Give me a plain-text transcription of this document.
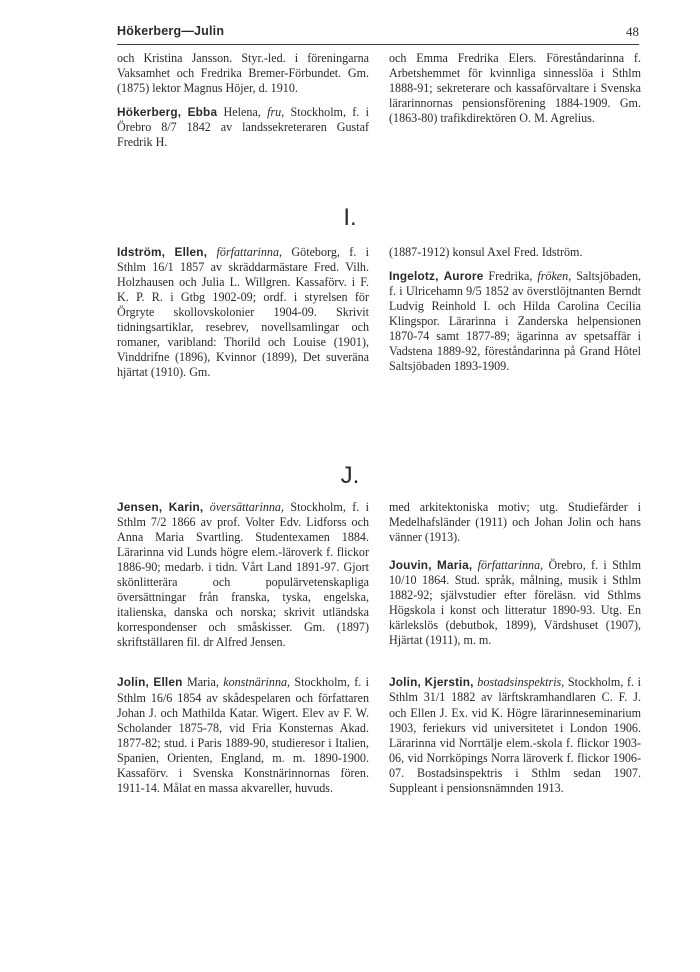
Hökerberg—Julin	48

och Kristina Jansson. Styr.-led. i föreningarna Vaksamhet och Fredrika Bremer-Förbundet. Gm. (1875) lektor Magnus Höjer, d. 1910.

Hökerberg, Ebba Helena, fru, Stockholm, f. i Örebro 8/7 1842 av landssekreteraren Gustaf Fredrik H.

och Emma Fredrika Elers. Föreståndarinna f. Arbetshemmet för kvinnliga sinnesslöa i Sthlm 1888-91; sekreterare och kassaförvaltare i Svenska lärarinnornas pensionsförening 1884-1909. Gm. (1863-80) trafikdirektören O. M. Agrelius.

I.

Idström, Ellen, författarinna, Göteborg, f. i Sthlm 16/1 1857 av skräddarmästare Fred. Vilh. Holzhausen och Julia L. Willgren. Kassaförv. i F. K. P. R. i Gtbg 1902-09; ordf. i styrelsen för Örgryte skollovskolonier 1904-09. Skrivit tidningsartiklar, resebrev, novellsamlingar och romaner, varibland: Thorild och Louise (1901), Vinddrifne (1896), Kvinnor (1899), Det suveräna hjärtat (1910). Gm.

(1887-1912) konsul Axel Fred. Idström.

Ingelotz, Aurore Fredrika, fröken, Saltsjöbaden, f. i Ulricehamn 9/5 1852 av överstlöjtnanten Berndt Ludvig Reinhold I. och Hilda Carolina Cecilia Klingspor. Lärarinna i Zanderska helpensionen 1870-74 samt 1877-89; ägarinna av spetsaffär i Vadstena 1889-92, föreståndarinna på Grand Hôtel Saltsjöbaden 1893-1909.

J.

Jensen, Karin, översättarinna, Stockholm, f. i Sthlm 7/2 1866 av prof. Volter Edv. Lidforss och Anna Maria Svartling. Studentexamen 1884. Lärarinna vid Lunds högre elem.-läroverk f. flickor 1886-90; medarb. i tidn. Vårt Land 1891-97. Gjort skönlitterära och populärvetenskapliga översättningar från franska, tyska, engelska, italienska, danska och norska; skrivit utländska korrespondenser och småskisser. Gm. (1897) skriftställaren fil. dr Alfred Jensen.

Jolin, Ellen Maria, konstnärinna, Stockholm, f. i Sthlm 16/6 1854 av skådespelaren och författaren Johan J. och Mathilda Katar. Wigert. Elev av F. W. Scholander 1875-78, vid Fria Konsternas Akad. 1877-82; stud. i Paris 1889-90, studieresor i Italien, Spanien, Orienten, England, m. m. 1890-1900. Kassaförv. i Svenska Konstnärinnornas fören. 1911-14. Målat en massa akvareller, huvuds.

med arkitektoniska motiv; utg. Studiefärder i Medelhafsländer (1911) och Johan Jolin och hans vänner (1913).

Jouvin, Maria, författarinna, Örebro, f. i Sthlm 10/10 1864. Stud. språk, målning, musik i Sthlm 1882-92; självstudier efter föreläsn. vid Sthlms Högskola i konst och litteratur 1890-93. Utg. En kärlekslös (debutbok, 1899), Värdshuset (1907), Hjärtat (1911), m. m.

Jolin, Kjerstin, bostadsinspektris, Stockholm, f. i Sthlm 31/1 1882 av lärftskramhandlaren C. F. J. och Ellen J. Ex. vid K. Högre lärarinneseminarium 1903, feriekurs vid universitetet i London 1906. Lärarinna vid Norrtälje elem.-skola f. flickor 1903-06, vid Norrköpings Norra läroverk f. flickor 1906-07. Bostadsinspektris i Sthlm sedan 1907. Suppleant i pensionsnämnden 1913.
